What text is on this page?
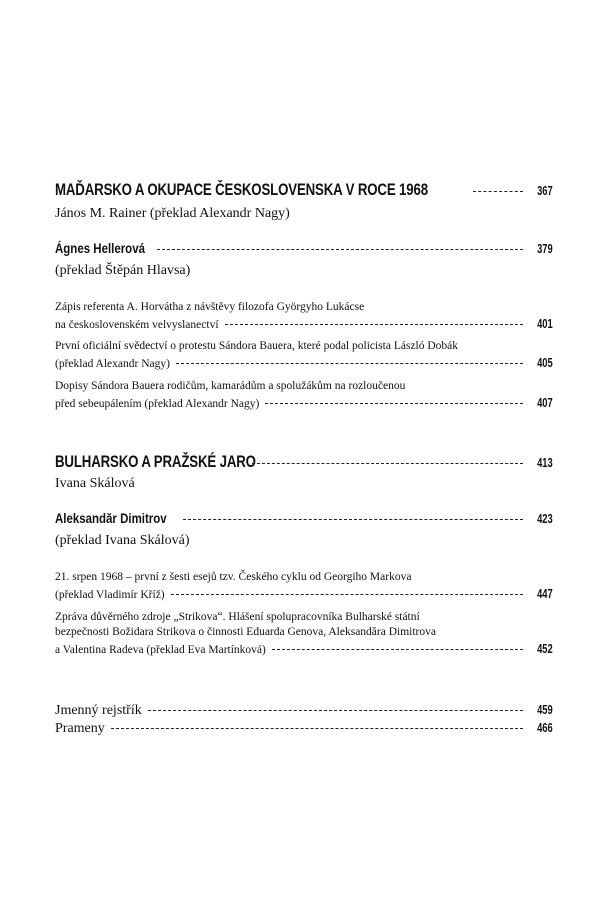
MAĎARSKO A OKUPACE ČESKOSLOVENSKA V ROCE 1968	367
János M. Rainer (překlad Alexandr Nagy)
Ágnes Hellerová	379
(překlad Štěpán Hlavsa)
Zápis referenta A. Horvátha z návštěvy filozofa Györgyho Lukácse
na československém velvyslanectví	401
První oficiální svědectví o protestu Sándora Bauera, které podal policista László Dobák
(překlad Alexandr Nagy)	405
Dopisy Sándora Bauera rodičům, kamarádům a spolužákům na rozloučenou
před sebeupálením (překlad Alexandr Nagy)	407
BULHARSKO A PRAŽSKÉ JARO	413
Ivana Skálová
Aleksandăr Dimitrov	423
(překlad Ivana Skálová)
21. srpen 1968 – první z šesti esejů tzv. Českého cyklu od Georgiho Markova
(překlad Vladimír Kříž)	447
Zpráva důvěrného zdroje „Strikova“. Hlášení spolupracovníka Bulharské státní
bezpečnosti Božidara Strikova o činnosti Eduarda Genova, Aleksandăra Dimitrova
a Valentina Radeva (překlad Eva Martínková)	452
Jmenný rejstřík	459
Prameny	466
